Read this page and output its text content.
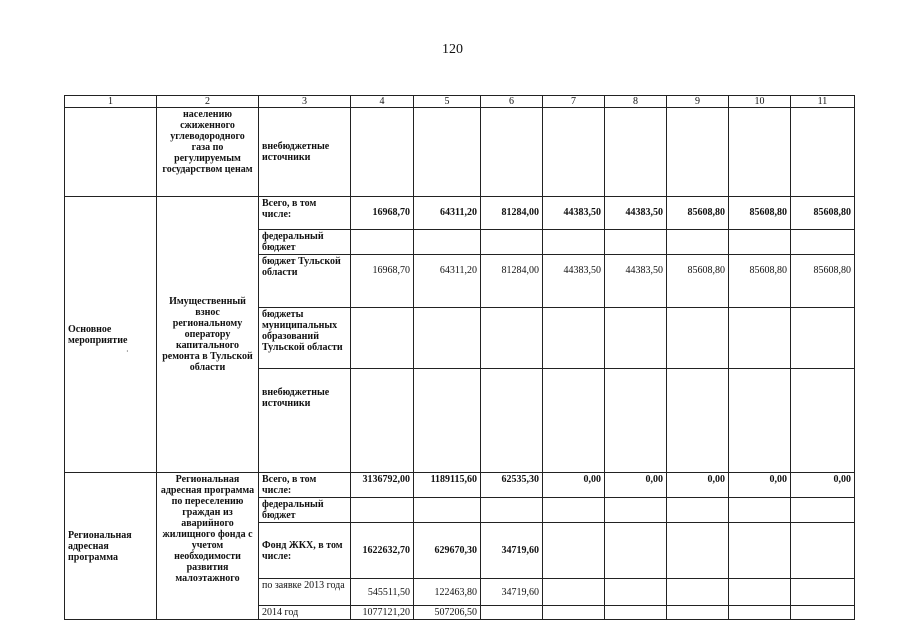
120
1	2	3	4	5	6	7	8	9	10	11
	населению сжиженного углеводородного газа по регулируемым государством ценам	внебюджетные источники								
Основное мероприятие	Имущественный взнос региональному оператору капитального ремонта в Тульской области	Всего, в том числе:	16968,70	64311,20	81284,00	44383,50	44383,50	85608,80	85608,80	85608,80
		федеральный бюджет								
		бюджет Тульской области	16968,70	64311,20	81284,00	44383,50	44383,50	85608,80	85608,80	85608,80
		бюджеты муниципальных образований Тульской области								
		внебюджетные источники								
Региональная адресная программа	Региональная адресная программа по переселению граждан из аварийного жилищного фонда с учетом необходимости развития малоэтажного	Всего, в том числе:	3136792,00	1189115,60	62535,30	0,00	0,00	0,00	0,00	0,00
		федеральный бюджет								
		Фонд ЖКХ, в том числе:	1622632,70	629670,30	34719,60					
		по заявке 2013 года	545511,50	122463,80	34719,60					
		2014 год	1077121,20	507206,50						
·
